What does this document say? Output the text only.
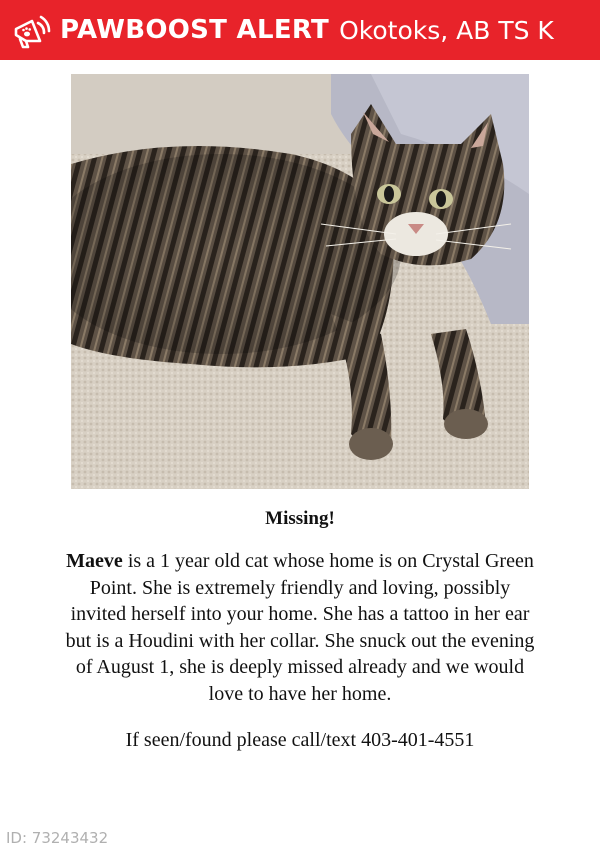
PAWBOOST ALERT Okotoks, AB TS K
Missing!

Maeve is a 1 year old cat whose home is on Crystal Green Point. She is extremely friendly and loving, possibly invited herself into your home. She has a tattoo in her ear but is a Houdini with her collar. She snuck out the evening of August 1, she is deeply missed already and we would love to have her home.

If seen/found please call/text 403-401-4551

ID: 73243432
